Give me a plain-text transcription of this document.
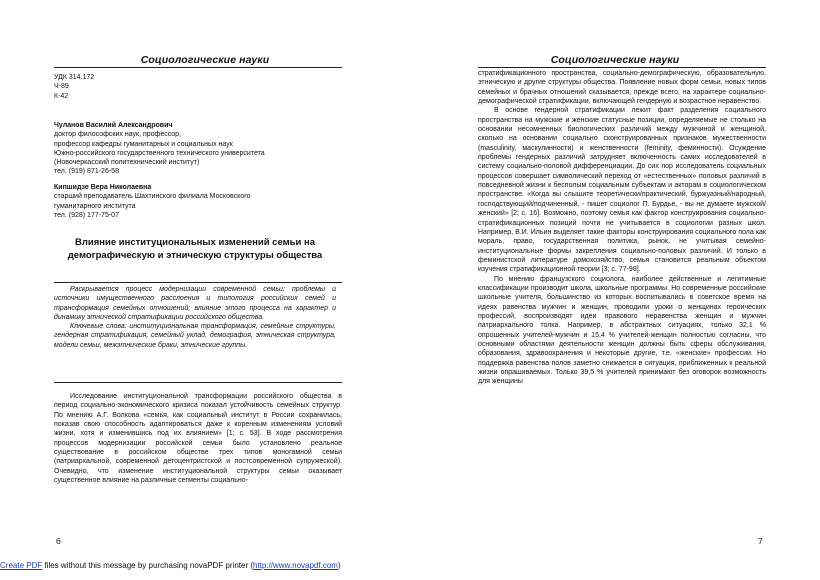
Социологические науки
УДК 314.172
Ч-89
К-42
Чуланов Василий Александрович
доктор философских наук, профессор,
профессор кафедры гуманитарных и социальных наук
Южно-российского государственного технического университета
(Новочеркасский политехнический институт)
тел. (919) 871-26-58
Кипшидзе Вера Николаевна
старший преподаватель Шахтинского филиала Московского
гуманитарного института
тел. (928) 177-75-07
Влияние институциональных изменений семьи на демографическую и этническую структуры общества

Раскрывается процесс модернизации современной семьи; проблемы и источники имущественного расслоения и типология российских семей и трансформация семейных отношений; влияние этого процесса на характер и динамику этнической стратификации российского общества.

Ключевые слова: институциональная трансформация, семейные структуры, гендерная стратификация, семейный уклад, демография, этническая структура, модели семьи, межэтнические браки, этнические группы.

Исследование институциональной трансформации российского общества в период социально-экономического кризиса показал устойчивость семейных структур. По мнению А.Г. Волкова «семья, как социальный институт в России сохранилась, показав свою способность адаптироваться даже к коренным изменениям условий жизни, хотя и изменившись под их влиянием» [1; с. 53]. В ходе рассмотрения процессов модернизации российской семьи было установлено реальное существование в российском обществе трех типов моногамной семьи (патриархальной, современной детоцентристской и постсовременной супружеской). Очевидно, что изменение институциональной структуры семьи оказывает существенное влияние на различные сегменты социально-

6
Социологические науки

стратификационного пространства, социально-демографическую, образовательную, этническую и другие структуры общества. Появление новых форм семьи, новых типов семейных и брачных отношений сказывается, прежде всего, на характере социально-демографической стратификации, включающей гендерную и возрастное неравенство.

В основе гендерной стратификации лежит факт разделения социального пространства на мужские и женские статусные позиции, определяемые не столько на основании несомненных биологических различий между мужчиной и женщиной, сколько на основании социально сконструированных признаков мужественности (masculinity, маскулинности) и женственности (feminity, феминности). Осуждение проблемы гендерных различий затрудняет включенность самих исследователей в систему социально-половой дифференциации. До сих пор исследователь социальных процессов совершает символический переход от «естественных» половых различий в повседневной жизни к бесполым социальным субъектам и акторам в социологическом пространстве. «Когда вы слышите теоретически/практический, буржуазный/народный, господствующий/подчиненный, - пишет социолог П. Бурдье, - вы не думаете мужской/женский» [2; с. 16]. Возможно, поэтому семья как фактор конструирования социально-стратификационных позиций почти не учитывается в социологии разных школ. Например, В.И. Ильин выделяет такие факторы конструирования социального пола как мораль, право, государственная политика, рынок, не учитывая семейно-институциональные формы закрепления социально-половых различий. И только в феминистской литературе домохозяйство, семья становится реальным объектом изучения стратификационной теории [3; с. 77-98].

По мнению французского социолога, наиболее действенные и легитимные классификации производит школа, школьные программы. Но современные российские школьные учителя, большинство из которых воспитывались в советское время на идеях равенства мужчин и женщин, проводили уроки о женщинах героических профессий, воспроизводят идеи правового неравенства женщин и мужчин патриархального толка. Например, в абстрактных ситуациях, только 32,1 % опрошенных учителей-мужчин и 15,4 % учителей-женщин полностью согласны, что основными областями деятельности женщин должны быть сферы обслуживания, образования, здравоохранения и некоторые другие, т.е. «женские» профессии. Но поддержка равенства полов заметно снижается в ситуация, приближенных к реальной жизни опрашиваемых. Только 39,5 % учителей принимают без оговорок возможность для женщины

7
Create PDF files without this message by purchasing novaPDF printer (http://www.novapdf.com)
